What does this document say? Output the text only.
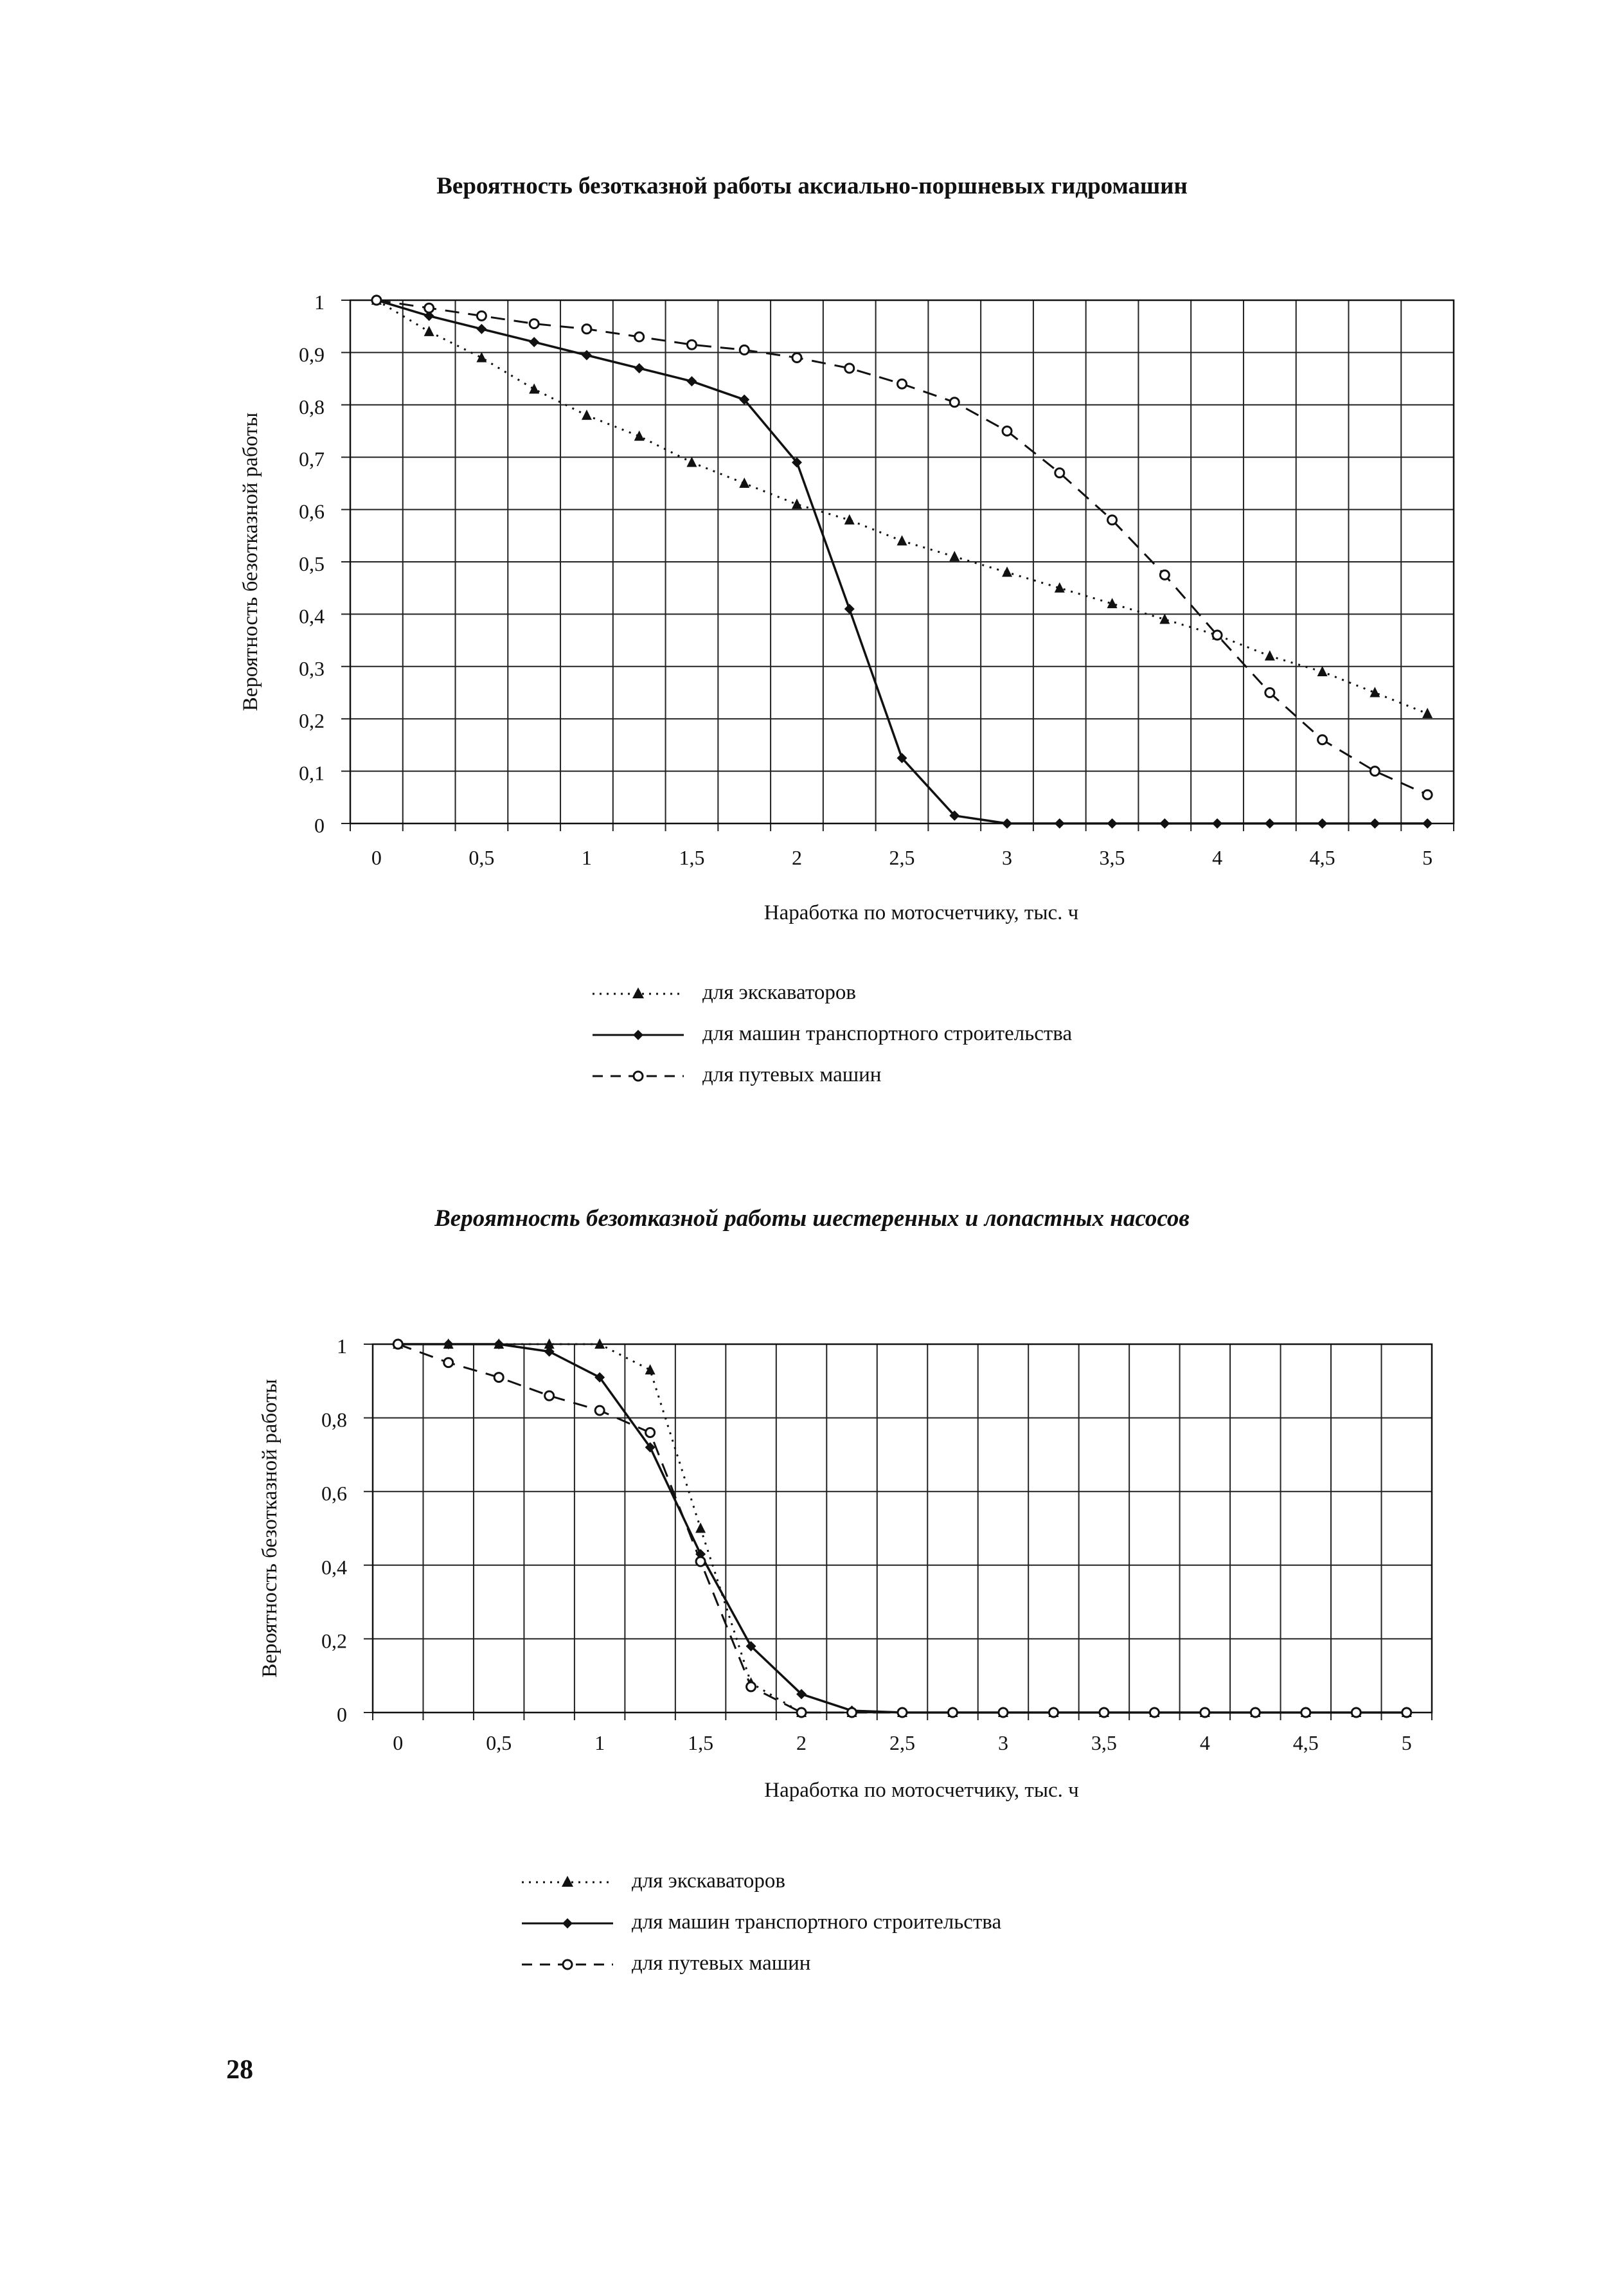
Вероятность безотказной работы аксиально-поршневых гидромашин
0
0,1
0,2
0,3
0,4
0,5
0,6
0,7
0,8
0,9
1
0	0,5	1	1,5	2	2,5	3	3,5	4	4,5	5
Наработка по мотосчетчику, тыс. ч
Вероятность безотказной работы
для экскаваторов
для машин транспортного строительства
для путевых машин
Вероятность безотказной работы шестеренных и лопастных насосов
0
0,2
0,4
0,6
0,8
1
0	0,5	1	1,5	2	2,5	3	3,5	4	4,5	5
Наработка по мотосчетчику, тыс. ч
Вероятность безотказной работы
для экскаваторов
для машин транспортного строительства
для путевых машин
28
